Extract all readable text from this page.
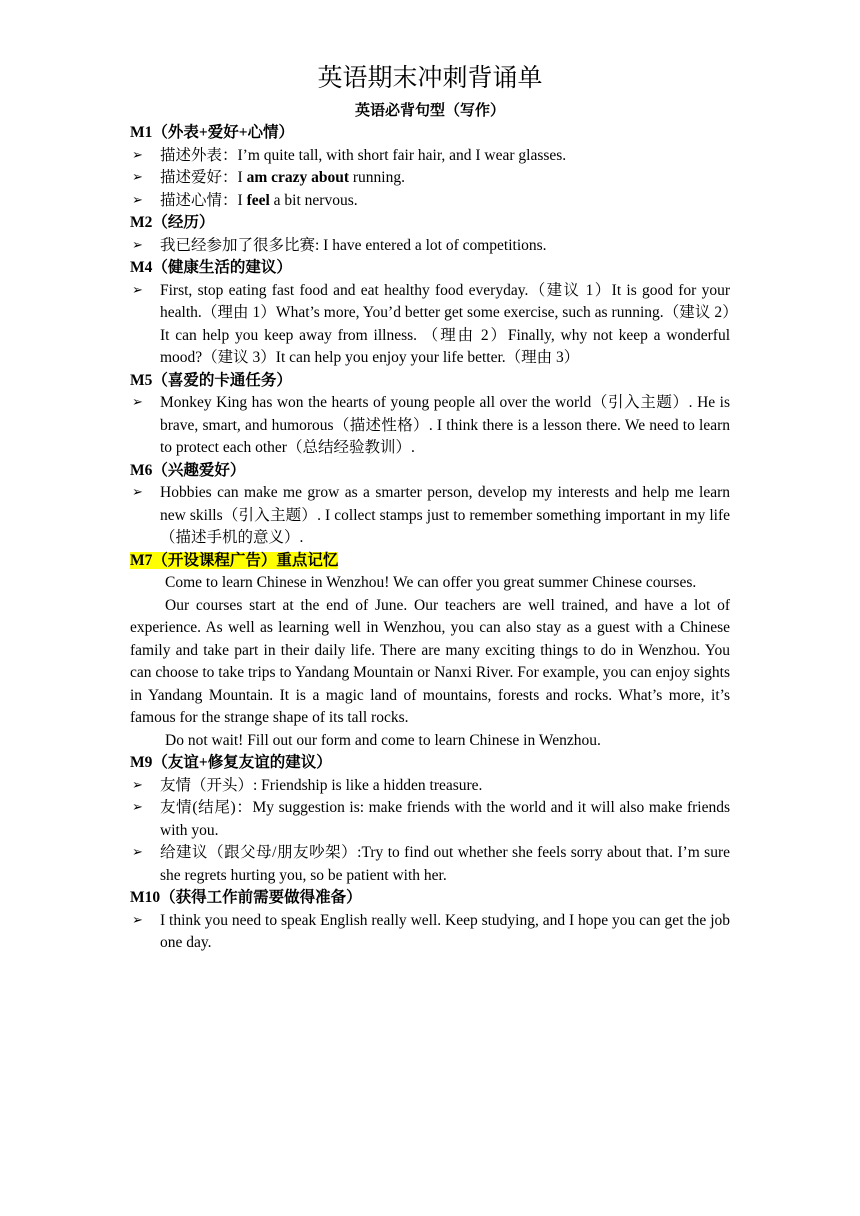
英语期末冲刺背诵单
英语必背句型（写作）
M1（外表+爱好+心情）
➢ 描述外表：I’m quite tall, with short fair hair, and I wear glasses.
➢ 描述爱好：I am crazy about running.
➢ 描述心情：I feel a bit nervous.
M2（经历）
➢ 我已经参加了很多比赛: I have entered a lot of competitions.
M4（健康生活的建议）
➢ First, stop eating fast food and eat healthy food everyday.（建议 1）It is good for your health.（理由 1）What’s more, You’d better get some exercise, such as running.（建议 2）It can help you keep away from illness. （理由 2）Finally, why not keep a wonderful mood?（建议 3）It can help you enjoy your life better.（理由 3）
M5（喜爱的卡通任务）
➢ Monkey King has won the hearts of young people all over the world（引入主题）. He is brave, smart, and humorous（描述性格）. I think there is a lesson there. We need to learn to protect each other（总结经验教训）.
M6（兴趣爱好）
➢ Hobbies can make me grow as a smarter person, develop my interests and help me learn new skills（引入主题）. I collect stamps just to remember something important in my life（描述手机的意义）.
M7（开设课程广告）重点记忆
Come to learn Chinese in Wenzhou! We can offer you great summer Chinese courses.
Our courses start at the end of June. Our teachers are well trained, and have a lot of experience. As well as learning well in Wenzhou, you can also stay as a guest with a Chinese family and take part in their daily life. There are many exciting things to do in Wenzhou. You can choose to take trips to Yandang Mountain or Nanxi River. For example, you can enjoy sights in Yandang Mountain. It is a magic land of mountains, forests and rocks. What’s more, it’s famous for the strange shape of its tall rocks.
Do not wait! Fill out our form and come to learn Chinese in Wenzhou.
M9（友谊+修复友谊的建议）
➢ 友情（开头）: Friendship is like a hidden treasure.
➢ 友情(结尾)：My suggestion is: make friends with the world and it will also make friends with you.
➢ 给建议（跟父母/朋友吵架）:Try to find out whether she feels sorry about that. I’m sure she regrets hurting you, so be patient with her.
M10（获得工作前需要做得准备）
➢ I think you need to speak English really well. Keep studying, and I hope you can get the job one day.
